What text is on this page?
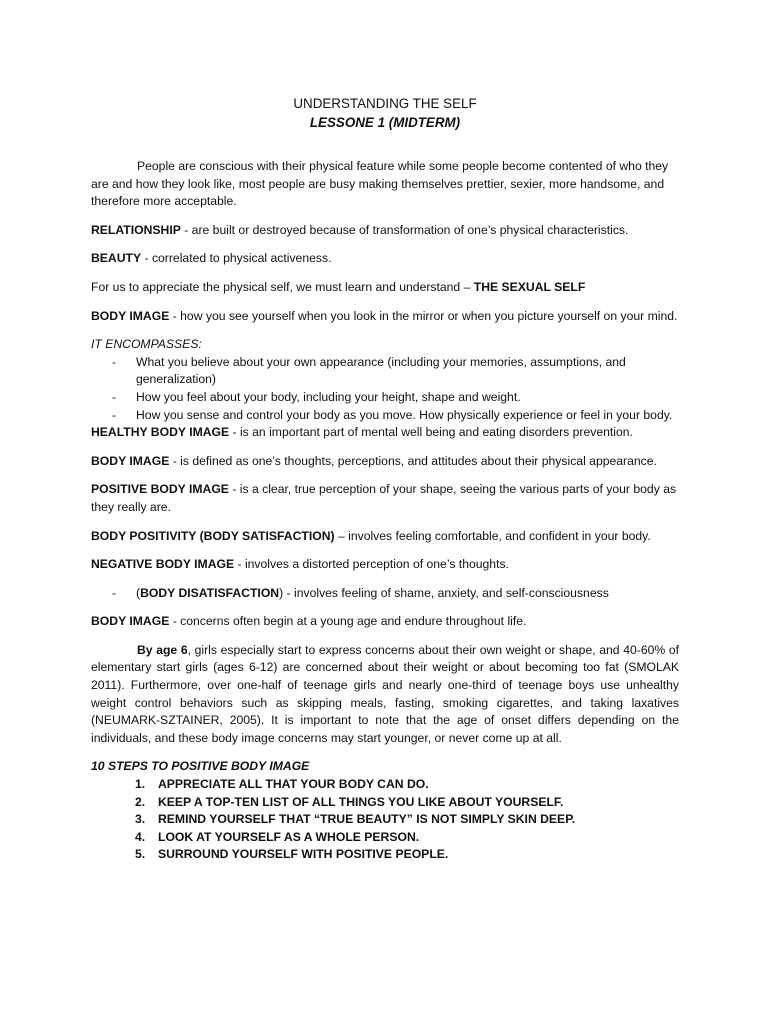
UNDERSTANDING THE SELF
LESSONE 1 (MIDTERM)

People are conscious with their physical feature while some people become contented of who they are and how they look like, most people are busy making themselves prettier, sexier, more handsome, and therefore more acceptable.

RELATIONSHIP - are built or destroyed because of transformation of one’s physical characteristics.

BEAUTY - correlated to physical activeness.

For us to appreciate the physical self, we must learn and understand – THE SEXUAL SELF

BODY IMAGE - how you see yourself when you look in the mirror or when you picture yourself on your mind.

IT ENCOMPASSES:
- What you believe about your own appearance (including your memories, assumptions, and generalization)
- How you feel about your body, including your height, shape and weight.
- How you sense and control your body as you move. How physically experience or feel in your body.

HEALTHY BODY IMAGE - is an important part of mental well being and eating disorders prevention.

BODY IMAGE - is defined as one’s thoughts, perceptions, and attitudes about their physical appearance.

POSITIVE BODY IMAGE - is a clear, true perception of your shape, seeing the various parts of your body as they really are.

BODY POSITIVITY (BODY SATISFACTION) – involves feeling comfortable, and confident in your body.

NEGATIVE BODY IMAGE - involves a distorted perception of one’s thoughts.

- (BODY DISATISFACTION) - involves feeling of shame, anxiety, and self-consciousness

BODY IMAGE - concerns often begin at a young age and endure throughout life.

By age 6, girls especially start to express concerns about their own weight or shape, and 40-60% of elementary start girls (ages 6-12) are concerned about their weight or about becoming too fat (SMOLAK 2011). Furthermore, over one-half of teenage girls and nearly one-third of teenage boys use unhealthy weight control behaviors such as skipping meals, fasting, smoking cigarettes, and taking laxatives (NEUMARK-SZTAINER, 2005). It is important to note that the age of onset differs depending on the individuals, and these body image concerns may start younger, or never come up at all.

10 STEPS TO POSITIVE BODY IMAGE
1. APPRECIATE ALL THAT YOUR BODY CAN DO.
2. KEEP A TOP-TEN LIST OF ALL THINGS YOU LIKE ABOUT YOURSELF.
3. REMIND YOURSELF THAT “TRUE BEAUTY” IS NOT SIMPLY SKIN DEEP.
4. LOOK AT YOURSELF AS A WHOLE PERSON.
5. SURROUND YOURSELF WITH POSITIVE PEOPLE.
